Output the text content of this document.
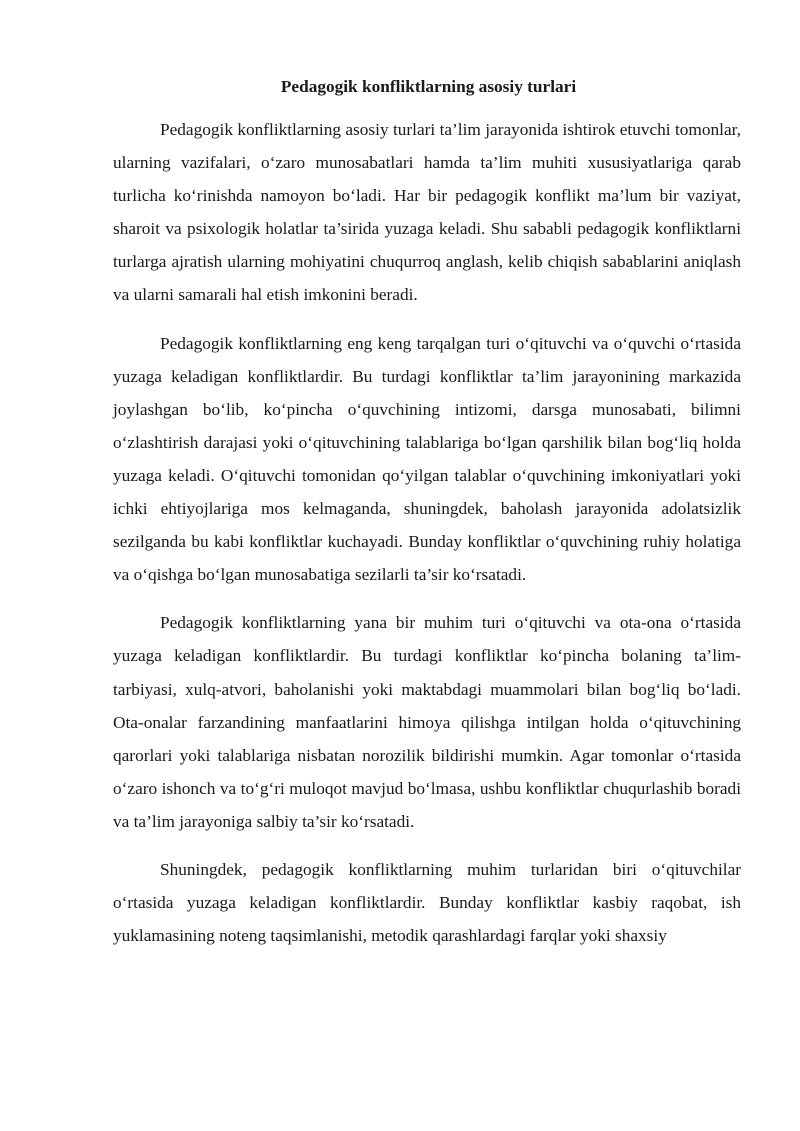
Pedagogik konfliktlarning asosiy turlari

Pedagogik konfliktlarning asosiy turlari ta’lim jarayonida ishtirok etuvchi tomonlar, ularning vazifalari, o‘zaro munosabatlari hamda ta’lim muhiti xususiyatlariga qarab turlicha ko‘rinishda namoyon bo‘ladi. Har bir pedagogik konflikt ma’lum bir vaziyat, sharoit va psixologik holatlar ta’sirida yuzaga keladi. Shu sababli pedagogik konfliktlarni turlarga ajratish ularning mohiyatini chuqurroq anglash, kelib chiqish sabablarini aniqlash va ularni samarali hal etish imkonini beradi.

Pedagogik konfliktlarning eng keng tarqalgan turi o‘qituvchi va o‘quvchi o‘rtasida yuzaga keladigan konfliktlardir. Bu turdagi konfliktlar ta’lim jarayonining markazida joylashgan bo‘lib, ko‘pincha o‘quvchining intizomi, darsga munosabati, bilimni o‘zlashtirish darajasi yoki o‘qituvchining talablariga bo‘lgan qarshilik bilan bog‘liq holda yuzaga keladi. O‘qituvchi tomonidan qo‘yilgan talablar o‘quvchining imkoniyatlari yoki ichki ehtiyojlariga mos kelmaganda, shuningdek, baholash jarayonida adolatsizlik sezilganda bu kabi konfliktlar kuchayadi. Bunday konfliktlar o‘quvchining ruhiy holatiga va o‘qishga bo‘lgan munosabatiga sezilarli ta’sir ko‘rsatadi.

Pedagogik konfliktlarning yana bir muhim turi o‘qituvchi va ota-ona o‘rtasida yuzaga keladigan konfliktlardir. Bu turdagi konfliktlar ko‘pincha bolaning ta’lim-tarbiyasi, xulq-atvori, baholanishi yoki maktabdagi muammolari bilan bog‘liq bo‘ladi. Ota-onalar farzandining manfaatlarini himoya qilishga intilgan holda o‘qituvchining qarorlari yoki talablariga nisbatan norozilik bildirishi mumkin. Agar tomonlar o‘rtasida o‘zaro ishonch va to‘g‘ri muloqot mavjud bo‘lmasa, ushbu konfliktlar chuqurlashib boradi va ta’lim jarayoniga salbiy ta’sir ko‘rsatadi.

Shuningdek, pedagogik konfliktlarning muhim turlaridan biri o‘qituvchilar o‘rtasida yuzaga keladigan konfliktlardir. Bunday konfliktlar kasbiy raqobat, ish yuklamasining noteng taqsimlanishi, metodik qarashlardagi farqlar yoki shaxsiy
